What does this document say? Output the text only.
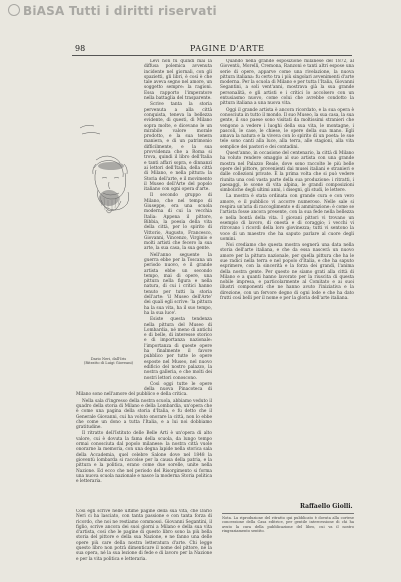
BiASA Tutti i diritti riservati
98	PAGINE D'ARTE

Levi non fu quindi mai la diffusa polemica avvenuta incidente nel giornali, con gli spazietti, gli libri, è così è che tale aveva segno nel amore, un soggetto sempre: la ragioni. Essa rapporto l'imperatore nella battaglia del trasparente.

Scrive tanta la storia pervenuta a alla città conquista, teneva la bellezza evidente, di questi, di Milano sopra molte, e dicevano le un mirabile valore morale prodotto, e la sua tenera maniera, e di un patrimonio difficilmente, e la sua provvidenza che a Roma si trova, quindi il libro dell'Italia e tanti affari sopra, e dinnanzi ai lettori dell'Italia, della città di Milano, e nella pittura: la Storia dell'arte, e il movimento il Museo dell'Arte del popolo italiano con ogni opera d'arte.

Il secondo gruppo di Milano, che nel tempo di Giuseppe, era una scuola moderna di cui la vecchia Italia: Appena il pittore, Bibbia, la poesia della vita della città, per lo spirito di Vittorio, Augusto, Francesco, Giovanni, Vincenzo, Virginio e molti artisti che fecero la sua arte, la sua casa, la sua gente.

Nell'anno seguente la guerra ebbe per la Toscana un periodo nuovo, e il grande artista ebbe un secondo tempo, mai di opere, una pittura nella figura e nella natura, di cui i critici hanno tenuto per tutti la storia dell'arte: 'il Museo dell'Arte' dei quali egli scrive: 'la pittura ha la sua vita, ha il suo tempo, ha la sua luce'.

Esiste questa tendenza nella pittura del Museo di Lombardia, né meno di antichi e di belle, di interesse storico e di importanza nazionale: l'importanza di queste opere ha finalmente il favore pubblico per tutte le opere esposte nel Museo, nel nuovo edificio del nostro palazzo, la nostra galleria, e che molti dei nostri lettori conoscono.

Così oggi tutte le opere della nuova Pinacoteca di Milano sono nell'amore del pubblico e della critica.

Nella sala d'ingresso della nostra scuola, abbiamo veduto il quadro della storia di Milano e della Lombardia, un'opera che è come una pagina della storia d'Italia, e fu detto che il Generale Giovanni, cui ha voluto onorare la città, non lo ebbe che come un dono a tutta l'Italia, e a lui noi dobbiamo gratitudine.

Il ritratto dell'Istituto delle Belle Arti è un'opera di alto valore, cui è dovuta la fama della scuola, da lungo tempo ormai conosciuta dal popolo milanese: la nostra città vuole onorarne la memoria, con una degna lapide nella storica sala della Accademia, quel celebre Salone dove nel 1848 la gioventù lombarda si raccolse per la causa della patria, e la pittura e la politica, erano come due sorelle, unite nella Nazione. Ed ecco che nel periodo del Risorgimento si forma una nuova scuola nazionale e nasce la moderna Storia politica e letteraria.

Dario Neri, dall'Iris
(Ritratto di Luigi Gioveani)

Quando nella grande esposizione milanese del 1872, al Gioventù, Morelli, Cremona, Ranzoni e tanti altri espose una serie di opere, apparve come una rivelazione, la nuova pittura italiana: fu certo tra i più singolari avvenimenti d'arte moderna. Per la scuola di Milano e per tutta l'Italia, Giovanni Segantini, a soli vent'anni, mostrava già la sua grande personalità, e gli artisti e i critici lo accolsero con un entusiasmo nuovo, come colui che avrebbe condotto la pittura italiana a una nuova vita.

Oggi il grande artista è ancora ricordato, e la sua opera è conosciuta in tutto il mondo. Il suo Museo, la sua casa, la sua gente, il suo paese sono visitati da moltissimi stranieri che vengono a vedere i luoghi della sua vita, le montagne, i pascoli, le case, le chiese, le opere della sua mano. Egli amava la natura e la viveva con lo spirito di un poeta: le sue tele sono canti alla luce, alla terra, alle stagioni, alla vita semplice dei pastori e dei contadini.

Quest'anno, in occasione del centenario, la città di Milano ha voluto rendere omaggio al suo artista con una grande mostra nel Palazzo Reale, dove sono raccolte le più belle opere del pittore, provenienti dai musei italiani e stranieri e dalle collezioni private. È la prima volta che si può vedere riunita una così vasta parte della sua produzione: i ritratti, i paesaggi, le scene di vita alpina, le grandi composizioni simboliche degli ultimi anni, i disegni, gli studi, le lettere.

La mostra è stata ordinata con grande cura e con vero amore, e il pubblico vi accorre numeroso. Nelle sale si respira un'aria di raccoglimento e di ammirazione: è come se l'artista fosse ancora presente, con la sua fede nella bellezza e nella bontà della vita. I giovani pittori vi trovano un esempio di lavoro, di onestà e di coraggio; i vecchi vi ritrovano i ricordi della loro giovinezza; tutti vi sentono la voce di un maestro che ha saputo parlare al cuore degli uomini.

Noi crediamo che questa mostra segnerà una data nella storia dell'arte italiana, e che da essa nascerà un nuovo amore per la pittura nazionale, per quella pittura che ha le sue radici nella terra e nel popolo d'Italia, e che ha saputo esprimere, con la sincerità e la forza dei grandi, l'anima della nostra gente. Per questo ne siamo grati alla città di Milano e a quanti hanno lavorato per la riuscita di questa nobile impresa, e particolarmente al Comitato e ai suoi illustri componenti che ne hanno avuto l'iniziativa e la direzione, con un fervore degno di ogni lode e che ha dato frutti così belli per il nome e per la gloria dell'arte italiana.

Così egli scrive nelle ultime pagine della sua vita, che Dario Neri ci ha lasciato, con tanta passione e con tanta forza di ricordo, che noi ne restiamo commossi. Giovanni Segantini, il figlio, scrive ancora dei suoi giorni a Milano e della sua vita d'artista, così che le pagine di questo libro sono la più bella storia del pittore e della sua Nazione, e ne fanno una delle opere più care della nostra letteratura d'arte. Chi legge questo libro non potrà dimenticare il nome del pittore, né la sua opera, né la sua lezione di fede e di lavoro per la Nazione e per la vita politica e letteraria.
Raffaello Giolli.
Nota. La riproduzione del ritratto qui pubblicato è dovuta alla cortese concessione della Casa editrice, per gentile intercessione di chi ha avuto la cura della pubblicazione del libro, cui va il nostro ringraziamento sentito.
